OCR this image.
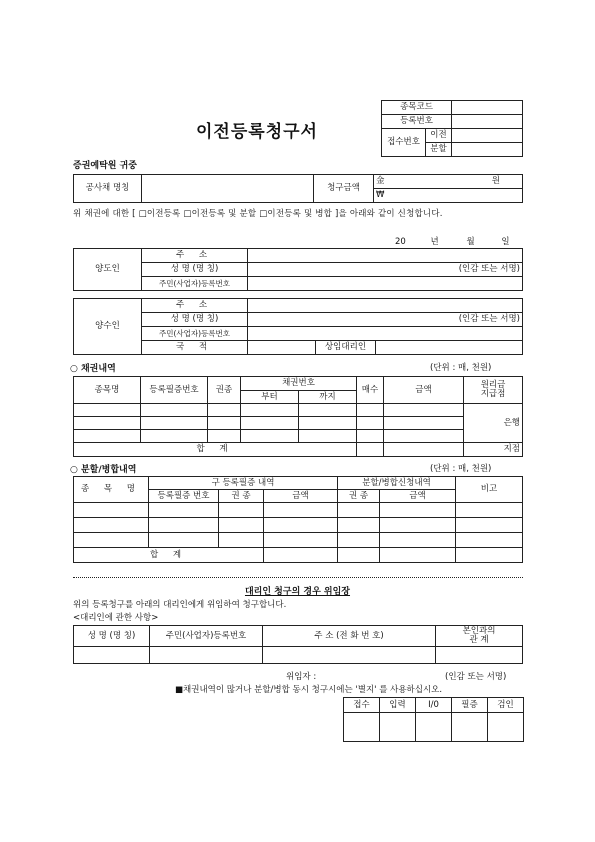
이전등록청구서
종목코드		
등록번호		
접수번호	이전	
	분할	
증권예탁원 귀중
공사채 명칭		청구금액	金	원

₩
위 채권에 대한 [ □이전등록 □이전등록 및 분할 □이전등록 및 병합 ]을 아래와 같이 신청합니다.
20	년	월	일
양도인	주 소	
	성 명 (명 칭)	(인감 또는 서명)
	주민(사업자)등록번호	
양수인	주 소			
	성 명 (명 칭)	(인감 또는 서명)		
	주민(사업자)등록번호			
	국 적		상임대리인	
○ 채권내역	(단위 : 매, 천원)
종목명	등록필증번호	권종	채권번호		매수	금액	원리금
지급점

			부터	까지			
							은행

합 계							지점
○ 분할/병합내역	(단위 : 매, 천원)
종 목 명	구 등록필증 내역			분할/병합신청내역		비고
	등록필증 번호	권 종	금액	권 종	금액	

합 계						
대리인 청구의 경우 위임장
위의 등록청구를 아래의 대리인에게 위임하여 청구합니다.
<대리인에 관한 사항>
성 명 (명 칭)	주민(사업자)등록번호	주 소 (전 화 번 호)	본인과의
관 계

위임자 :	(인감 또는 서명)
■채권내역이 많거나 분할/병합 동시 청구시에는 '별지' 를 사용하십시오.
접수	입력	I/0	필증	검인
